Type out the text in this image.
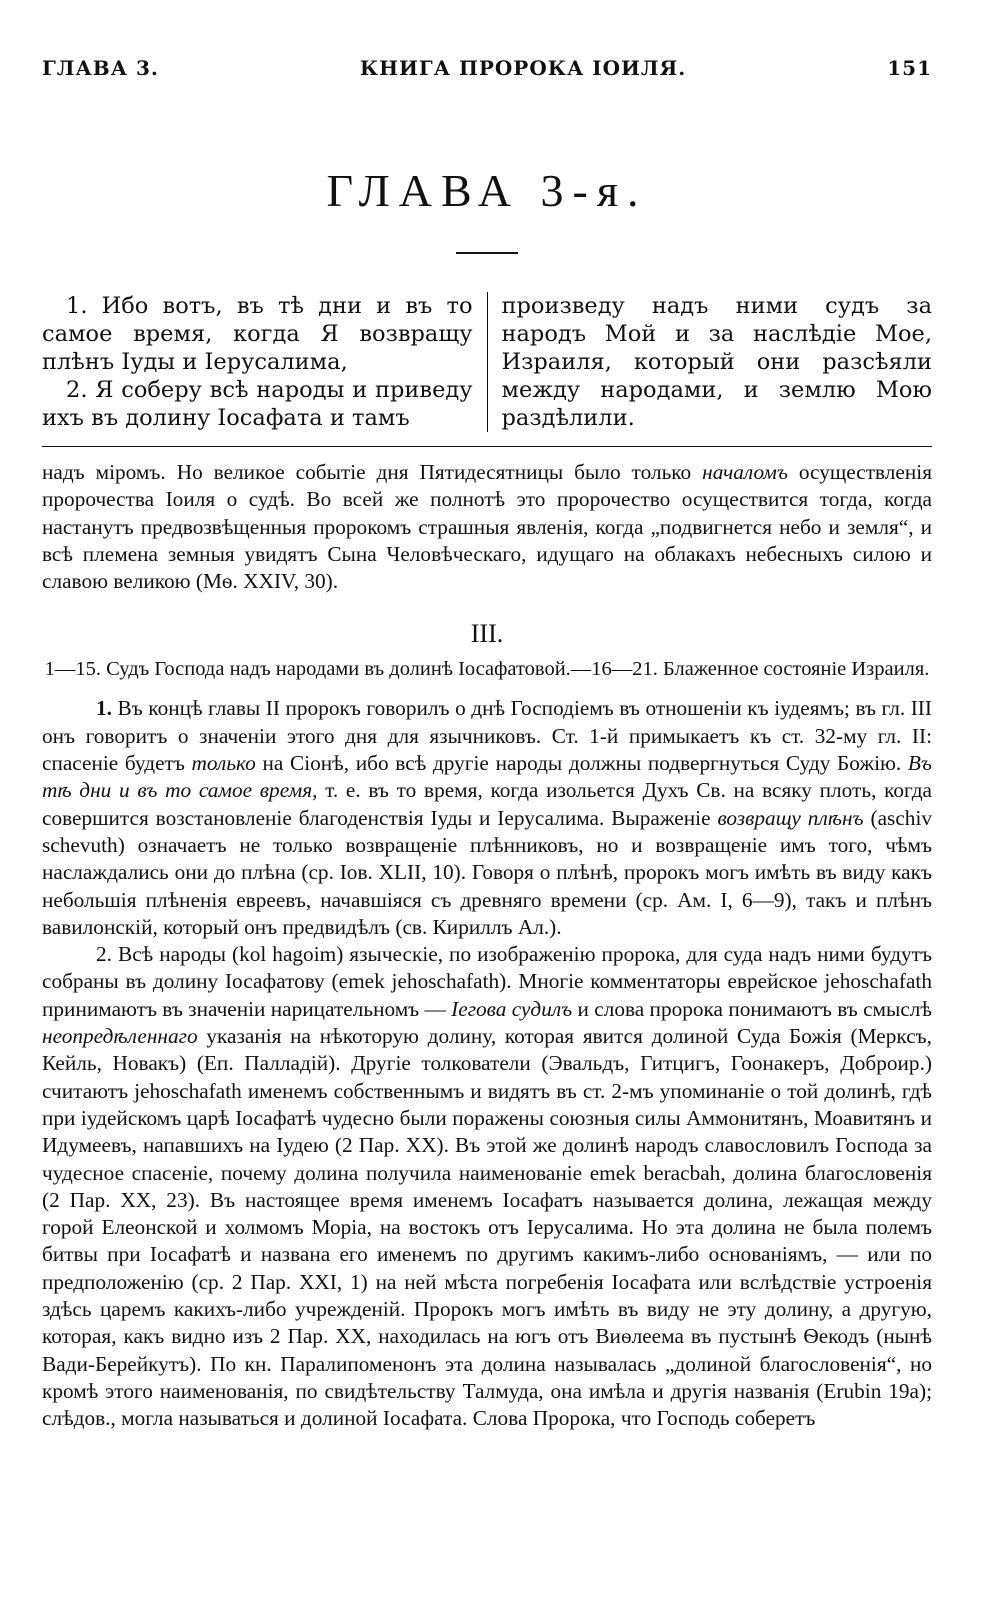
ГЛАВА 3.	КНИГА ПРОРОКА ІОИЛЯ.	151
ГЛАВА 3-я.

1. Ибо вотъ, въ тѣ дни и въ то самое время, когда Я возвращу плѣнъ Іуды и Іерусалима,

2. Я соберу всѣ народы и приведу ихъ въ долину Іосафата и тамъ

произведу надъ ними судъ за народъ Мой и за наслѣдіе Мое, Израиля, который они разсѣяли между народами, и землю Мою раздѣлили.

надъ міромъ. Но великое событіе дня Пятидесятницы было только началомъ осуществленія пророчества Іоиля о судѣ. Во всей же полнотѣ это пророчество осуществится тогда, когда настанутъ предвозвѣщенныя пророкомъ страшныя явленія, когда „подвигнется небо и земля“, и всѣ племена земныя увидятъ Сына Человѣческаго, идущаго на облакахъ небесныхъ силою и славою великою (Мѳ. XXIV, 30).

III.
1—15. Судъ Господа надъ народами въ долинѣ Іосафатовой.—16—21. Блаженное состояніе Израиля.

1. Въ концѣ главы II пророкъ говорилъ о днѣ Господіемъ въ отношеніи къ іудеямъ; въ гл. III онъ говоритъ о значеніи этого дня для язычниковъ. Ст. 1-й примыкаетъ къ ст. 32-му гл. II: спасеніе будетъ только на Сіонѣ, ибо всѣ другіе народы должны подвергнуться Суду Божію. Въ тѣ дни и въ то самое время, т. е. въ то время, когда изольется Духъ Св. на всяку плоть, когда совершится возстановленіе благоденствія Іуды и Іерусалима. Выраженіе возвращу плѣнъ (aschiv schevuth) означаетъ не только возвращеніе плѣнниковъ, но и возвращеніе имъ того, чѣмъ наслаждались они до плѣна (ср. Іов. XLII, 10). Говоря о плѣнѣ, пророкъ могъ имѣть въ виду какъ небольшія плѣненія евреевъ, начавшіяся съ древняго времени (ср. Ам. I, 6—9), такъ и плѣнъ вавилонскій, который онъ предвидѣлъ (св. Кириллъ Ал.).

2. Всѣ народы (kol hagoim) языческіе, по изображенію пророка, для суда надъ ними будутъ собраны въ долину Іосафатову (emek jehoschafath). Многіе комментаторы еврейское jehoschafath принимаютъ въ значеніи нарицательномъ — Іегова судилъ и слова пророка понимаютъ въ смыслѣ неопредѣленнаго указанія на нѣкоторую долину, которая явится долиной Суда Божія (Мерксъ, Кейль, Новакъ) (Еп. Палладій). Другіе толкователи (Эвальдъ, Гитцигъ, Гоонакеръ, Доброир.) считаютъ jehoschafath именемъ собственнымъ и видятъ въ ст. 2-мъ упоминаніе о той долинѣ, гдѣ при іудейскомъ царѣ Іосафатѣ чудесно были поражены союзныя силы Аммонитянъ, Моавитянъ и Идумеевъ, напавшихъ на Іудею (2 Пар. XX). Въ этой же долинѣ народъ славословилъ Господа за чудесное спасеніе, почему долина получила наименованіе emek beracbah, долина благословенія (2 Пар. XX, 23). Въ настоящее время именемъ Іосафатъ называется долина, лежащая между горой Елеонской и холмомъ Моріа, на востокъ отъ Іерусалима. Но эта долина не была полемъ битвы при Іосафатѣ и названа его именемъ по другимъ какимъ-либо основаніямъ, — или по предположенію (ср. 2 Пар. XXI, 1) на ней мѣста погребенія Іосафата или вслѣдствіе устроенія здѣсь царемъ какихъ-либо учрежденій. Пророкъ могъ имѣть въ виду не эту долину, а другую, которая, какъ видно изъ 2 Пар. XX, находилась на югъ отъ Виѳлеема въ пустынѣ Ѳекодъ (нынѣ Вади-Берейкутъ). По кн. Паралипоменонъ эта долина называлась „долиной благословенія“, но кромѣ этого наименованія, по свидѣтельству Талмуда, она имѣла и другія названія (Erubin 19a); слѣдов., могла называться и долиной Іосафата. Слова Пророка, что Господь соберетъ
